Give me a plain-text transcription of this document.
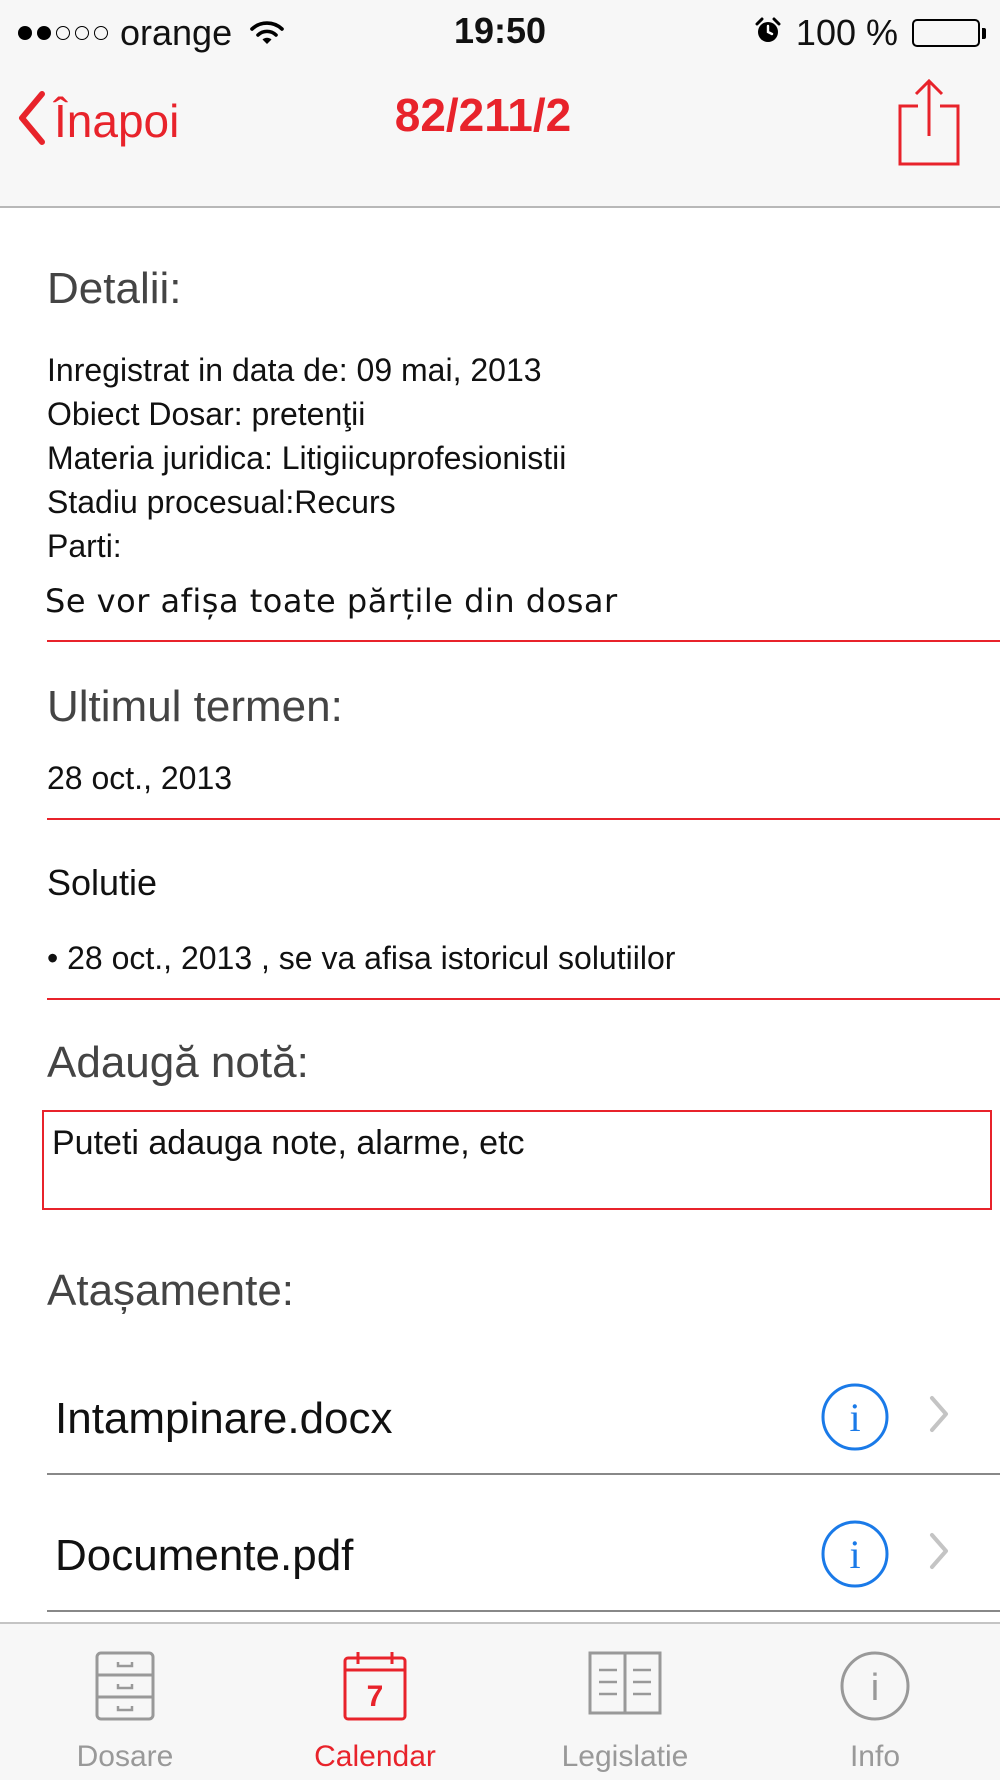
orange	19:50	100 %
Înapoi	82/211/2
Detalii:
Inregistrat in data de: 09 mai, 2013
Obiect Dosar: pretenţii
Materia juridica: Litigiicuprofesionistii
Stadiu procesual:Recurs
Parti:
Se vor afișa toate părțile din dosar
Ultimul termen:
28 oct., 2013
Solutie
• 28 oct., 2013 , se va afisa istoricul solutiilor
Adaugă notă:
Puteti adauga note, alarme, etc
Atașamente:
Intampinare.docx	i
Documente.pdf	i
Dosare
7
Calendar	Legislatie
i
Info
